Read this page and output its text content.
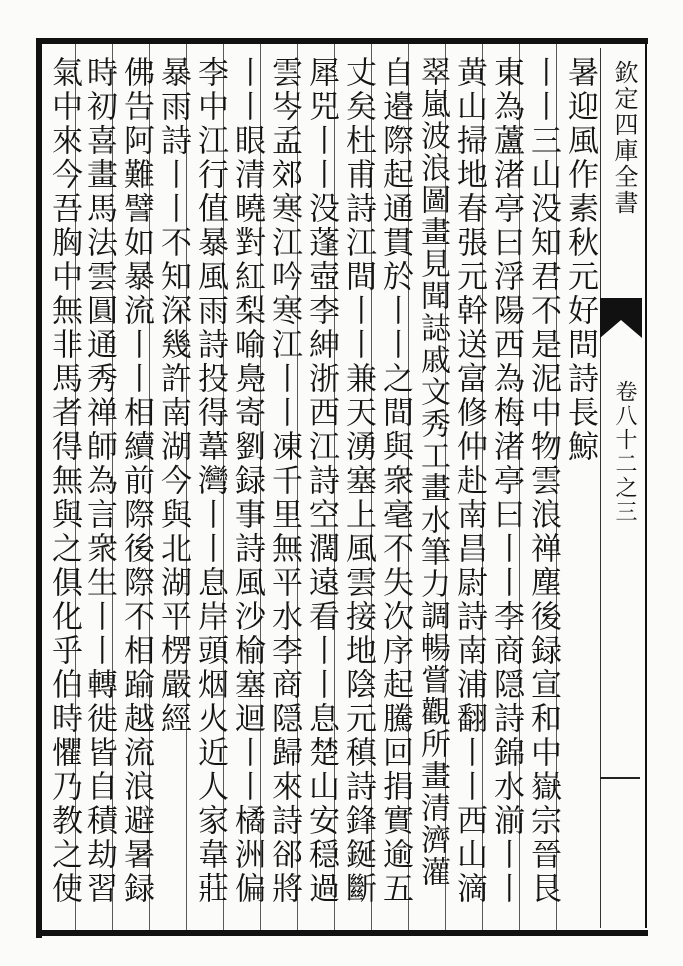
欽定四庫全書
卷八十二之三
暑迎風作素秋元好問詩長鯨
丨丨三山没知君不是泥中物雲浪禅塵後録宣和中嶽宗晉艮
東為蘆渚亭曰浮陽西為梅渚亭曰丨丨李商隠詩錦水湔丨丨
黄山掃地春張元幹送富修仲赴南昌尉詩南浦翻丨丨西山滴
翠嵐波浪圖畫見聞誌戚文秀工畫水筆力調暢嘗觀所畫清濟灌
自邉際起通貫於丨丨之間與衆毫不失次序起騰回捐實逾五
丈矣杜甫詩江間丨丨兼天湧塞上風雲接地陰元稹詩鋒鋋斷
犀兕丨丨没蓬壺李紳浙西江詩空濶遠看丨丨息楚山安穏過
雲岑孟郊寒江吟寒江丨丨凍千里無平水李商隠歸來詩郤將
丨丨眼清曉對紅梨喻鳧寄劉録事詩風沙榆塞迴丨丨橘洲偏
李中江行值暴風雨詩投得葦灣丨丨息岸頭烟火近人家韋莊
暴雨詩丨丨不知深幾許南湖今與北湖平楞嚴經
佛告阿難譬如暴流丨丨相續前際後際不相踰越流浪避暑録
時初喜畫馬法雲圓通秀禅師為言衆生丨丨轉徙皆自積劫習
氣中來今吾胸中無非馬者得無與之俱化乎伯時懼乃教之使
